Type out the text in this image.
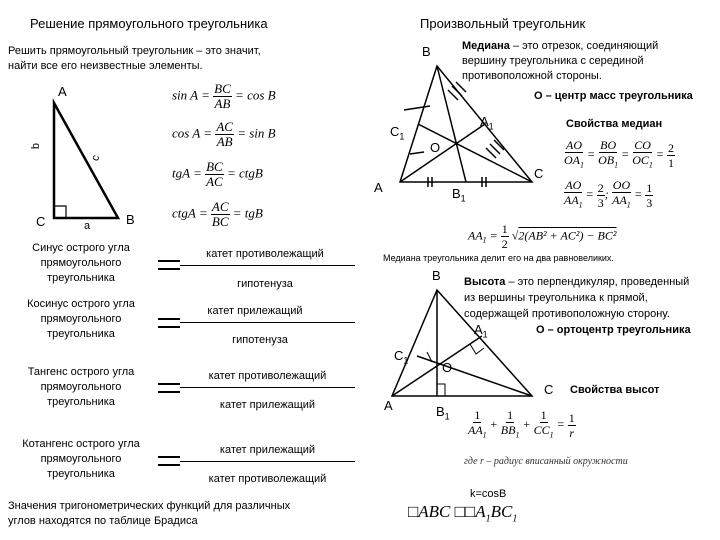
Решение прямоугольного треугольника
Решить прямоугольный треугольник – это значит,
найти все его неизвестные элементы.
A
C	B
a
b
c
$\sin A = \frac{BC}{AB} = \cos B$
$\cos A = \frac{AC}{AB} = \sin B$
tgA = $\frac{BC}{AC}$ = ctgB
ctgA = $\frac{AC}{BC}$ = tgB
Синус острого угла
прямоугольного
треугольника
катет противолежащий
гипотенуза
Косинус острого угла
прямоугольного
треугольника
катет прилежащий
гипотенуза
Тангенс острого угла
прямоугольного
треугольника
катет противолежащий
катет прилежащий
Котангенс острого угла
прямоугольного
треугольника
катет прилежащий
катет противолежащий
Значения тригонометрических функций для различных
углов находятся по таблице Брадиса
Произвольный треугольник
B
A
C
$A_1$
$B_1$
$C_1$
O
Медиана – это отрезок, соединяющий
вершину треугольника с серединой
противоположной стороны.
О – центр масс треугольника
Свойства медиан
$\frac{AO}{OA_1} = \frac{BO}{OB_1} = \frac{CO}{OC_1} = \frac{2}{1}$
$\frac{AO}{AA_1} = \frac{2}{3}$ ; $\frac{OO}{AA_1} = \frac{1}{3}$
$AA_1 = \frac{1}{2} √2(AB^2 + AC^2) - BC^2$
Медиана треугольника делит его на два равновеликих.
B
A
C
$A_1$
$B_1$
$C_1$	O
Высота – это перпендикуляр, проведенный
из вершины треугольника к прямой,
содержащей противоположную сторону.
О – ортоцентр треугольника
Свойства высот
$\frac{1}{AA_1} + \frac{1}{BB_1} + \frac{1}{CC_1} = \frac{1}{r}$
где r – радиус вписанный окружности
k=cosB
□ABC $□□A_1BC_1$
